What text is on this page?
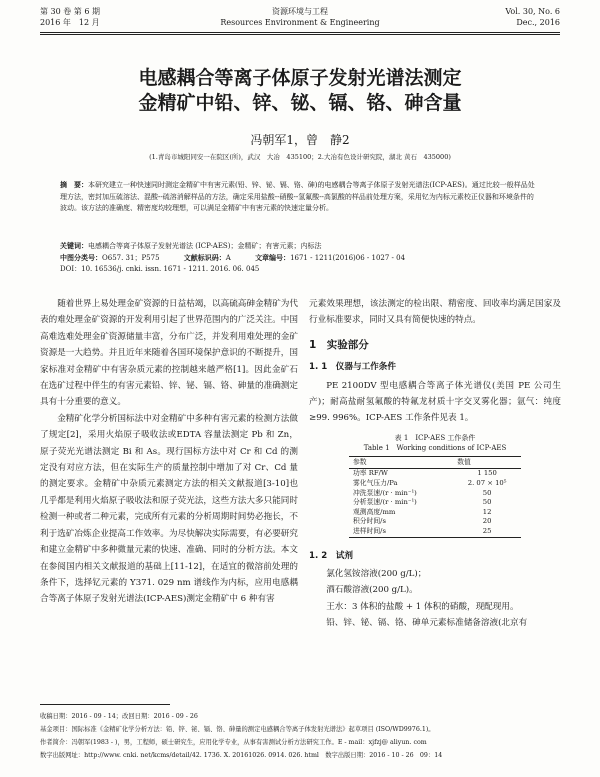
第 30 卷 第 6 期
2016 年　12 月
资源环境与工程
Resources Environment & Engineering
Vol. 30, No. 6
Dec., 2016
电感耦合等离子体原子发射光谱法测定
金精矿中铅、锌、铋、镉、铬、砷含量
冯朝军1，曾　静2
(1.青岛市城阳同安一在院区(所)，武汉　大冶　435100；2.大冶有色设计研究院，湖北 黄石　435000)
摘　要：本研究建立一种快速同时测定金精矿中有害元素(铅、锌、铋、镉、铬、砷)的电感耦合等离子体原子发射光谱法(ICP-AES)。通过比较一般样品处理方法，密封加压硫溶法、混酸--硫溶消解样品的方法，确定采用盐酸--硝酸--氢氟酸--高氯酸的样品前处理方案，采用钇为内标元素校正仪器和环境条件的波动。该方法的准确度、精密度均较理想，可以满足金精矿中有害元素的快速定量分析。
关键词：电感耦合等离子体原子发射光谱法 (ICP-AES)；金精矿；有害元素；内标法
中图分类号：O657. 31；P575	文献标识码：A	文章编号：1671 - 1211(2016)06 - 1027 - 04
DOI：10. 16536/j. cnki. issn. 1671 - 1211. 2016. 06. 045

随着世界上易处理金矿资源的日益枯竭，以高硫高砷金精矿为代表的难处理金矿资源的开发利用引起了世界范围内的广泛关注。中国高难选难处理金矿资源储量丰富，分布广泛，并发利用难处理的金矿资源是一大趋势。并且近年来随着各国环境保护意识的不断提升，国家标准对金精矿中有害杂质元素的控制越来越严格[1]。因此金矿石在选矿过程中伴生的有害元素铅、锌、铋、镉、铬、砷量的准确测定具有十分重要的意义。

金精矿化学分析国标法中对金精矿中多种有害元素的检测方法做了规定[2]，采用火焰原子吸收法或EDTA 容量法测定 Pb 和 Zn，原子荧光光谱法测定 Bi 和 As。现行国标方法中对 Cr 和 Cd 的测定没有对应方法，但在实际生产的质量控制中增加了对 Cr、Cd 量的测定要求。金精矿中杂质元素测定方法的相关文献报道[3-10]也几乎都是利用火焰原子吸收法和原子荧光法，这些方法大多只能同时检测一种或者二种元素，完成所有元素的分析周期时间势必拖长，不利于选矿冶炼企业提高工作效率。为尽快解决实际需要，有必要研究和建立金精矿中多种微量元素的快速、准确、同时的分析方法。本文在参阅国内相关文献报道的基础上[11-12]，在适宜的微溶前处理的条件下，选择钇元素的 Y371. 029 nm 谱线作为内标，应用电感耦合等离子体原子发射光谱法(ICP-AES)测定金精矿中 6 种有害

元素效果理想，该法测定的检出限、精密度、回收率均满足国家及行业标准要求，同时又具有简便快速的特点。

1　实验部分
1. 1　仪器与工作条件

PE 2100DV 型电感耦合等离子体光谱仪(美国 PE 公司生产)；耐高盐耐氢氟酸的特氟龙材质十字交叉雾化器；氩气：纯度≥99. 996%。ICP-AES 工作条件见表 1。

表 1　ICP-AES 工作条件
Table 1　Working conditions of ICP-AES
参数	数值
功率 RF/W	1 150
雾化气压力/Pa	2. 07 × 10⁵
冲洗泵速/(r · min⁻¹)	50
分析泵速/(r · min⁻¹)	50
观测高度/mm	12
积分时间/s	20
进样时间/s	25
1. 2　试剂

氯化氢铵溶液(200 g/L)；

酒石酸溶液(200 g/L)。

王水：3 体积的盐酸 + 1 体积的硝酸，现配现用。

铅、锌、铋、镉、铬、砷单元素标准储备溶液(北京有

收稿日期：2016 - 09 - 14；改回日期：2016 - 09 - 26
基金项目：国际标准《金精矿化学分析方法：铅、锌、铋、镉、铬、砷量的测定电感耦合等离子体发射光谱法》起草项目 (ISO/WD9976.1)。
作者简介：冯朝军(1983 - )，男，工程师，硕士研究生，应用化学专业，从事有害测试分析方法研究工作。E - mail：xjfzj@ aliyun. com
数字出版网址：http://www. cnki. net/kcms/detail/42. 1736. X. 20161026. 0914. 026. html　数字出版日期：2016 - 10 - 26　09：14
